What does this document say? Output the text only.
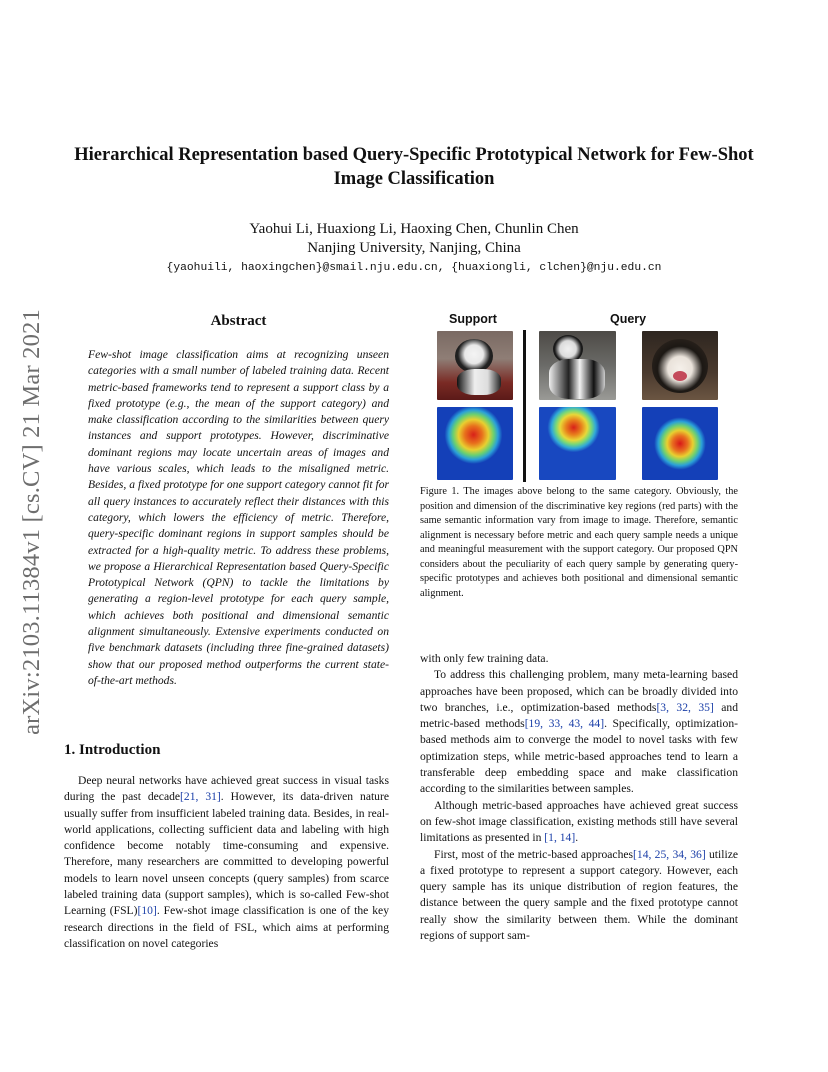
Hierarchical Representation based Query-Specific Prototypical Network for Few-Shot Image Classification
Yaohui Li, Huaxiong Li, Haoxing Chen, Chunlin Chen
Nanjing University, Nanjing, China
{yaohuili, haoxingchen}@smail.nju.edu.cn, {huaxiongli, clchen}@nju.edu.cn
arXiv:2103.11384v1 [cs.CV] 21 Mar 2021	Abstract
Few-shot image classification aims at recognizing unseen categories with a small number of labeled training data. Recent metric-based frameworks tend to represent a support class by a fixed prototype (e.g., the mean of the support category) and make classification according to the similarities between query instances and support prototypes. However, discriminative dominant regions may locate uncertain areas of images and have various scales, which leads to the misaligned metric. Besides, a fixed prototype for one support category cannot fit for all query instances to accurately reflect their distances with this category, which lowers the efficiency of metric. Therefore, query-specific dominant regions in support samples should be extracted for a high-quality metric. To address these problems, we propose a Hierarchical Representation based Query-Specific Prototypical Network (QPN) to tackle the limitations by generating a region-level prototype for each query sample, which achieves both positional and dimensional semantic alignment simultaneously. Extensive experiments conducted on five benchmark datasets (including three fine-grained datasets) show that our proposed method outperforms the current state-of-the-art methods.
1. Introduction

Deep neural networks have achieved great success in visual tasks during the past decade[21, 31]. However, its data-driven nature usually suffer from insufficient labeled training data. Besides, in real-world applications, collecting sufficient data and labeling with high confidence become notably time-consuming and expensive. Therefore, many researchers are committed to developing powerful models to learn novel unseen concepts (query samples) from scarce labeled training data (support samples), which is so-called Few-shot Learning (FSL)[10]. Few-shot image classification is one of the key research directions in the field of FSL, which aims at performing classification on novel categories

Support	Query
Figure 1. The images above belong to the same category. Obviously, the position and dimension of the discriminative key regions (red parts) with the same semantic information vary from image to image. Therefore, semantic alignment is necessary before metric and each query sample needs a unique and meaningful measurement with the support category. Our proposed QPN considers about the peculiarity of each query sample by generating query-specific prototypes and achieves both positional and dimensional semantic alignment.

with only few training data.

To address this challenging problem, many meta-learning based approaches have been proposed, which can be broadly divided into two branches, i.e., optimization-based methods[3, 32, 35] and metric-based methods[19, 33, 43, 44]. Specifically, optimization-based methods aim to converge the model to novel tasks with few optimization steps, while metric-based approaches tend to learn a transferable deep embedding space and make classification according to the similarities between samples.

Although metric-based approaches have achieved great success on few-shot image classification, existing methods still have several limitations as presented in [1, 14].

First, most of the metric-based approaches[14, 25, 34, 36] utilize a fixed prototype to represent a support category. However, each query sample has its unique distribution of region features, the distance between the query sample and the fixed prototype cannot really show the similarity between them. While the dominant regions of support sam-
